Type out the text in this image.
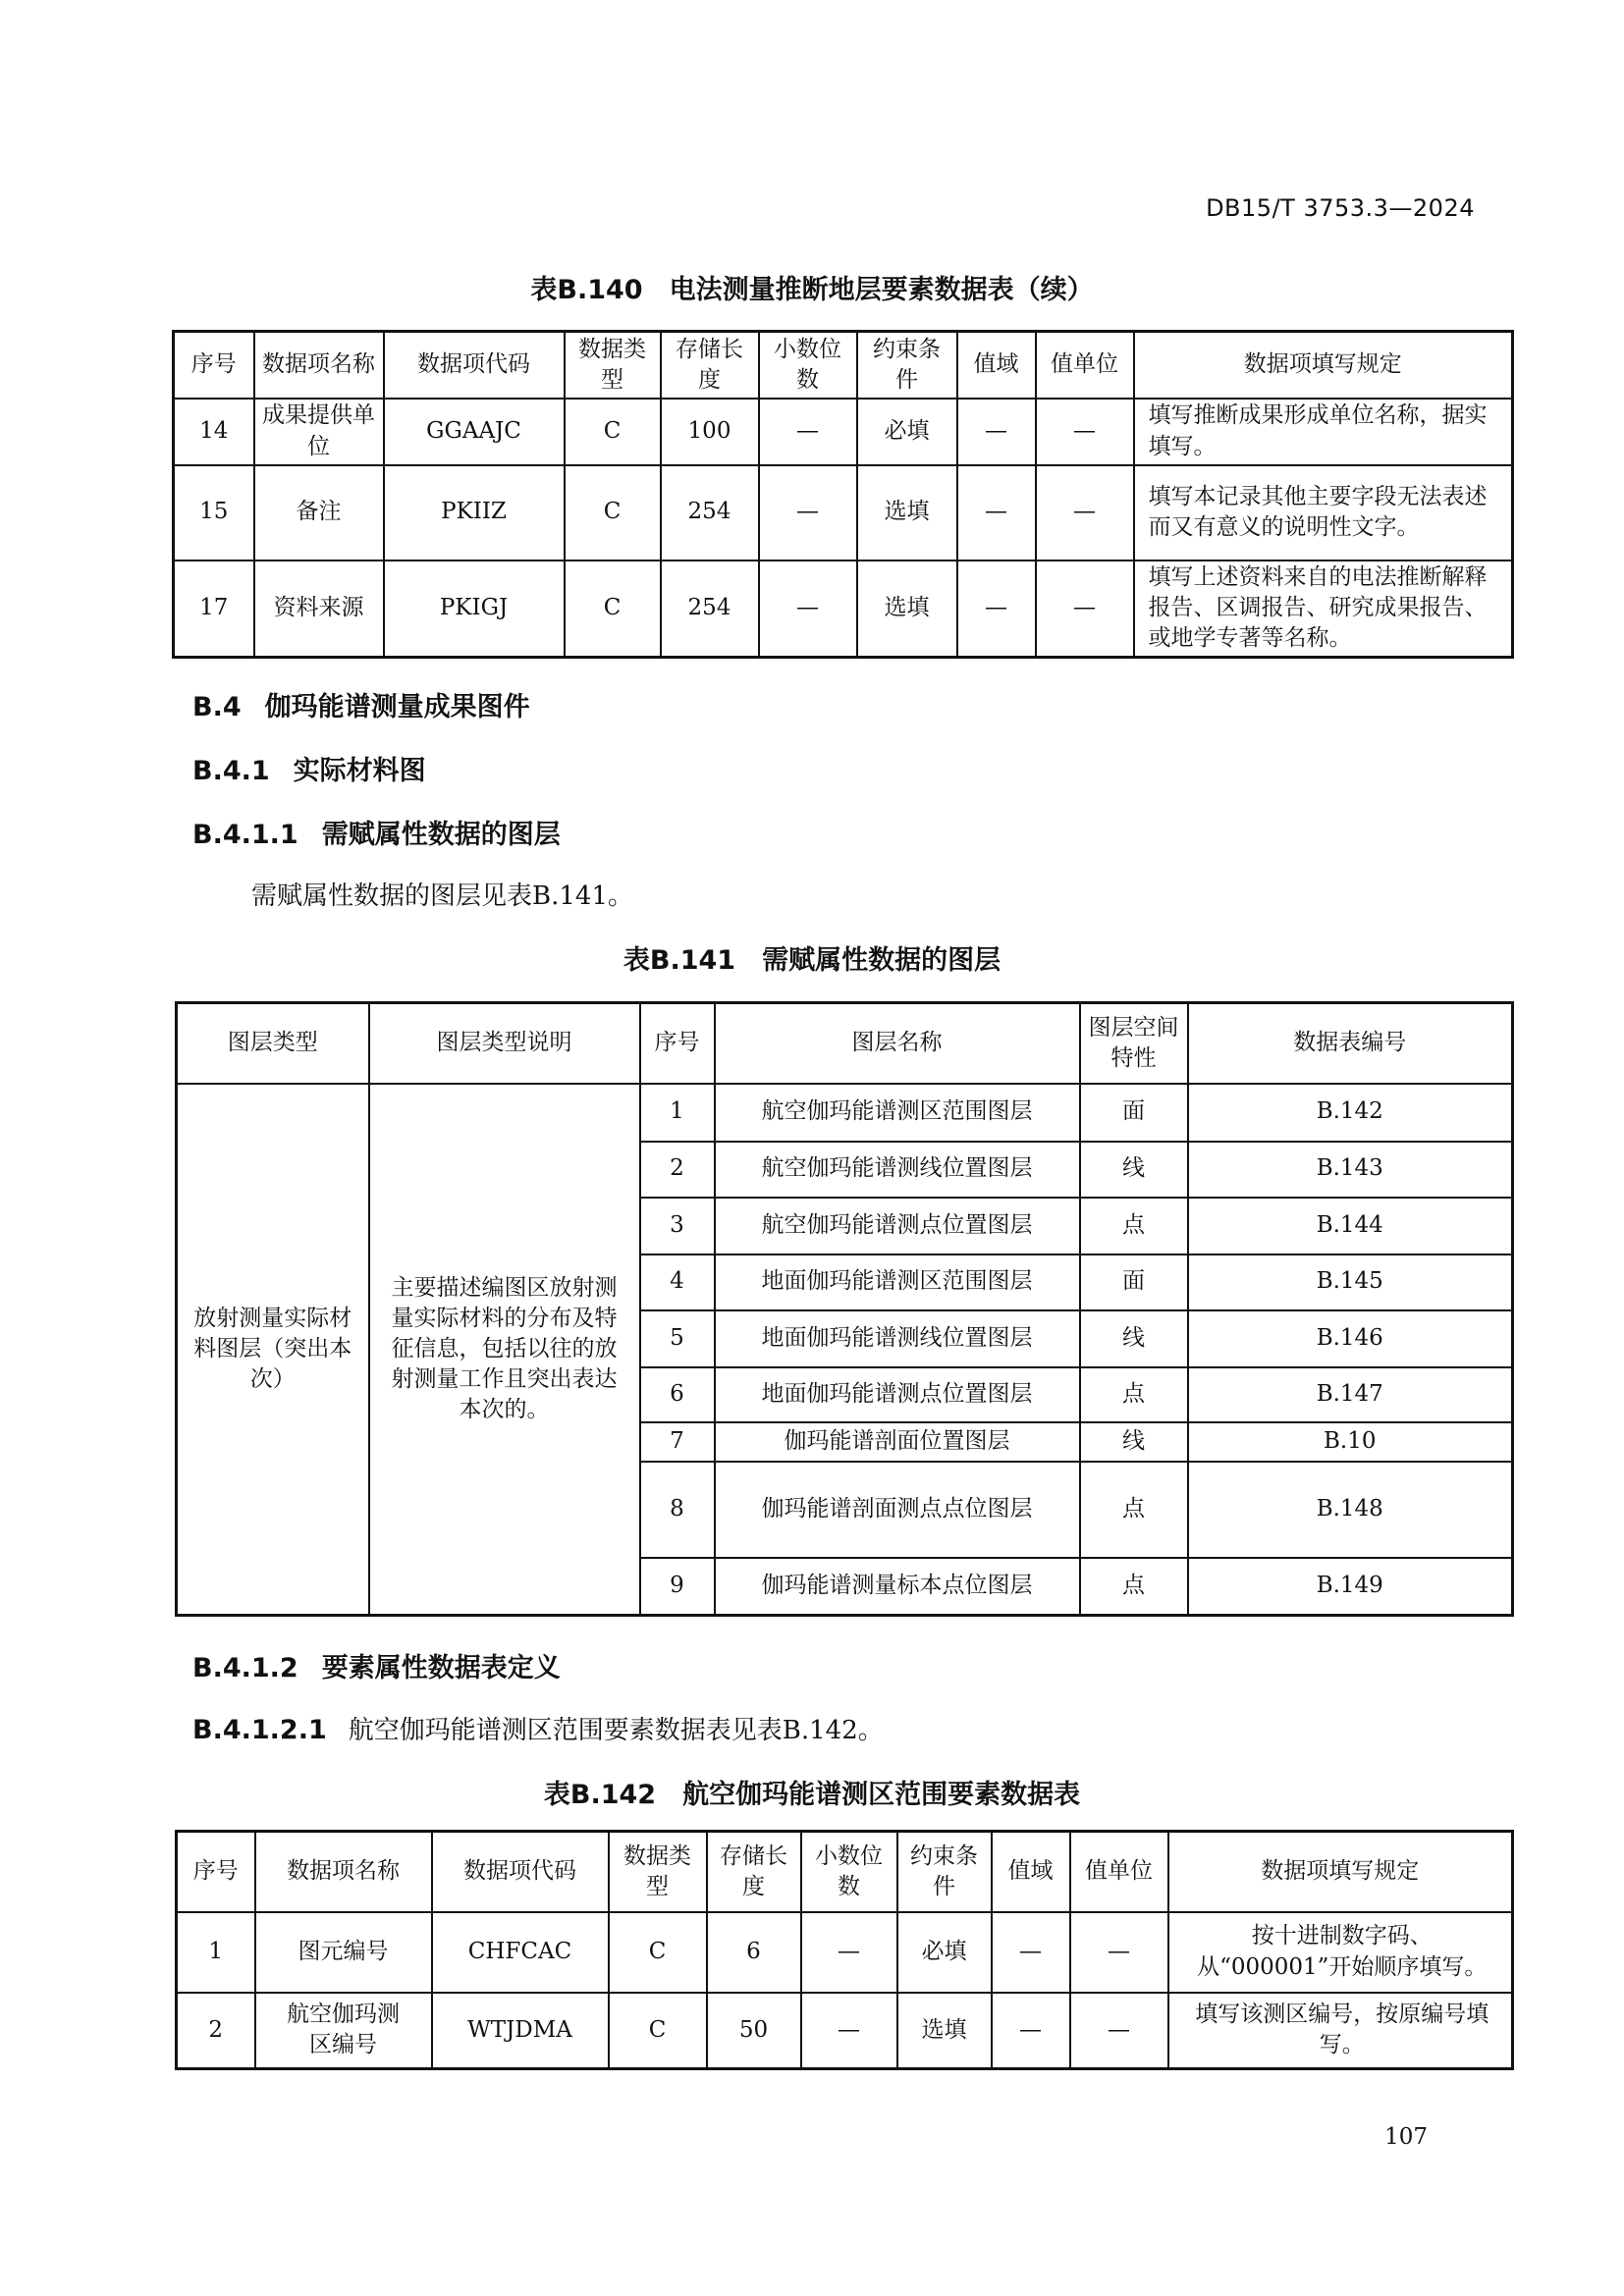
DB15/T 3753.3—2024
表B.140　电法测量推断地层要素数据表（续）
序号	数据项名称	数据项代码	数据类型	存储长度	小数位数	约束条件	值域	值单位	数据项填写规定
14	成果提供单位	GGAAJC	C	100	—	必填	—	—	填写推断成果形成单位名称，据实填写。
15	备注	PKIIZ	C	254	—	选填	—	—	填写本记录其他主要字段无法表述而又有意义的说明性文字。
17	资料来源	PKIGJ	C	254	—	选填	—	—	填写上述资料来自的电法推断解释报告、区调报告、研究成果报告、或地学专著等名称。
B.4 伽玛能谱测量成果图件
B.4.1 实际材料图
B.4.1.1 需赋属性数据的图层
需赋属性数据的图层见表B.141。
表B.141　需赋属性数据的图层
图层类型	图层类型说明	序号	图层名称	图层空间特性	数据表编号
放射测量实际材料图层（突出本次）	主要描述编图区放射测量实际材料的分布及特征信息，包括以往的放射测量工作且突出表达本次的。	1	航空伽玛能谱测区范围图层	面	B.142
		2	航空伽玛能谱测线位置图层	线	B.143
		3	航空伽玛能谱测点位置图层	点	B.144
		4	地面伽玛能谱测区范围图层	面	B.145
		5	地面伽玛能谱测线位置图层	线	B.146
		6	地面伽玛能谱测点位置图层	点	B.147
		7	伽玛能谱剖面位置图层	线	B.10
		8	伽玛能谱剖面测点点位图层	点	B.148
		9	伽玛能谱测量标本点位图层	点	B.149
B.4.1.2 要素属性数据表定义
B.4.1.2.1 航空伽玛能谱测区范围要素数据表见表B.142。
表B.142　航空伽玛能谱测区范围要素数据表
序号	数据项名称	数据项代码	数据类型	存储长度	小数位数	约束条件	值域	值单位	数据项填写规定
1	图元编号	CHFCAC	C	6	—	必填	—	—	按十进制数字码、从“000001”开始顺序填写。
2	航空伽玛测区编号	WTJDMA	C	50	—	选填	—	—	填写该测区编号，按原编号填写。
107
